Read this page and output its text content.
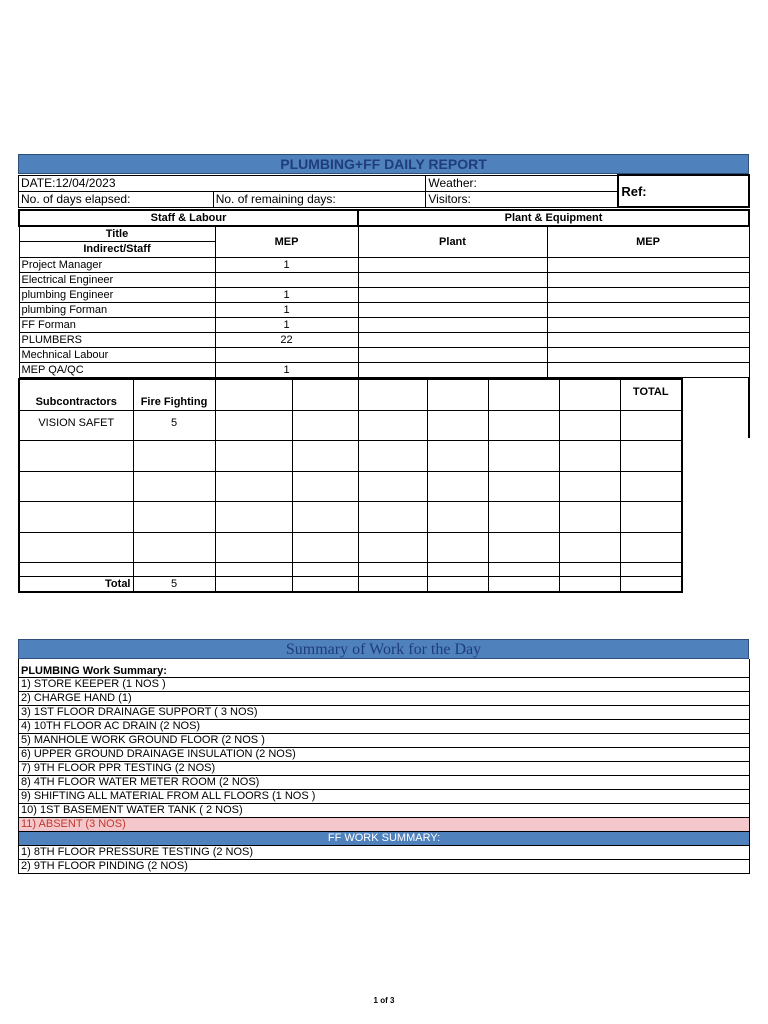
PLUMBING+FF DAILY REPORT
DATE:12/04/2023		Weather:	Ref:
No. of days elapsed:	No. of remaining days:	Visitors:	
Staff & Labour		Plant & Equipment	
Title	MEP	Plant	MEP
Indirect/Staff			
Project Manager	1		
Electrical Engineer			
plumbing Engineer	1		
plumbing Forman	1		
FF Forman	1		
PLUMBERS	22		
Mechnical Labour			
MEP QA/QC	1		
Subcontractors	Fire Fighting							TOTAL
VISION SAFET	5							

Total	5							
Summary of Work for the Day
PLUMBING Work Summary:
1) STORE KEEPER (1 NOS )
2) CHARGE HAND (1)
3) 1ST FLOOR DRAINAGE SUPPORT ( 3 NOS)
4) 10TH FLOOR AC DRAIN (2 NOS)
5) MANHOLE WORK GROUND FLOOR (2 NOS )
6) UPPER GROUND DRAINAGE INSULATION (2 NOS)
7) 9TH FLOOR PPR TESTING (2 NOS)
8) 4TH FLOOR WATER METER ROOM (2 NOS)
9) SHIFTING ALL MATERIAL FROM ALL FLOORS (1 NOS )
10) 1ST BASEMENT WATER TANK ( 2 NOS)
11) ABSENT (3 NOS)
FF WORK SUMMARY:
1) 8TH FLOOR PRESSURE TESTING (2 NOS)
2) 9TH FLOOR PINDING (2 NOS)
1 of 3
